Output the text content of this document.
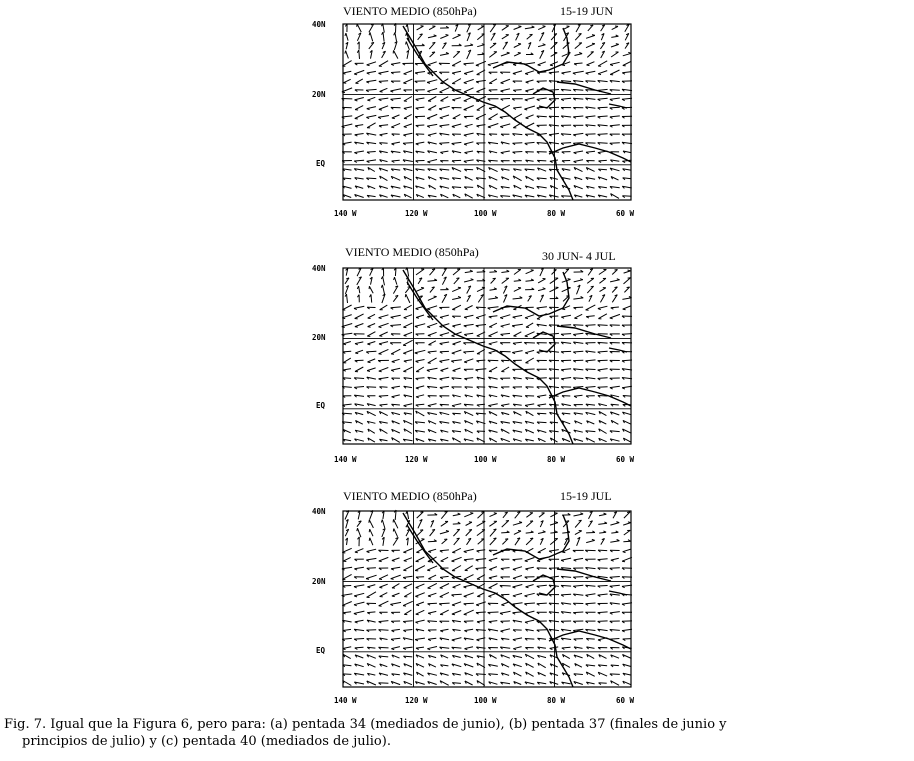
VIENTO MEDIO (850hPa)	15-19 JUN
40N
20N
EQ
140 W	120 W	100 W	80 W	60 W
VIENTO MEDIO (850hPa)	30 JUN- 4 JUL
40N
20N
EQ
140 W	120 W	100 W	80 W	60 W
VIENTO MEDIO (850hPa)	15-19 JUL
40N
20N
EQ
140 W	120 W	100 W	80 W	60 W
Fig. 7. Igual que la Figura 6, pero para: (a) pentada 34 (mediados de junio), (b) pentada 37 (finales de junio y
principios de julio) y (c) pentada 40 (mediados de julio).
